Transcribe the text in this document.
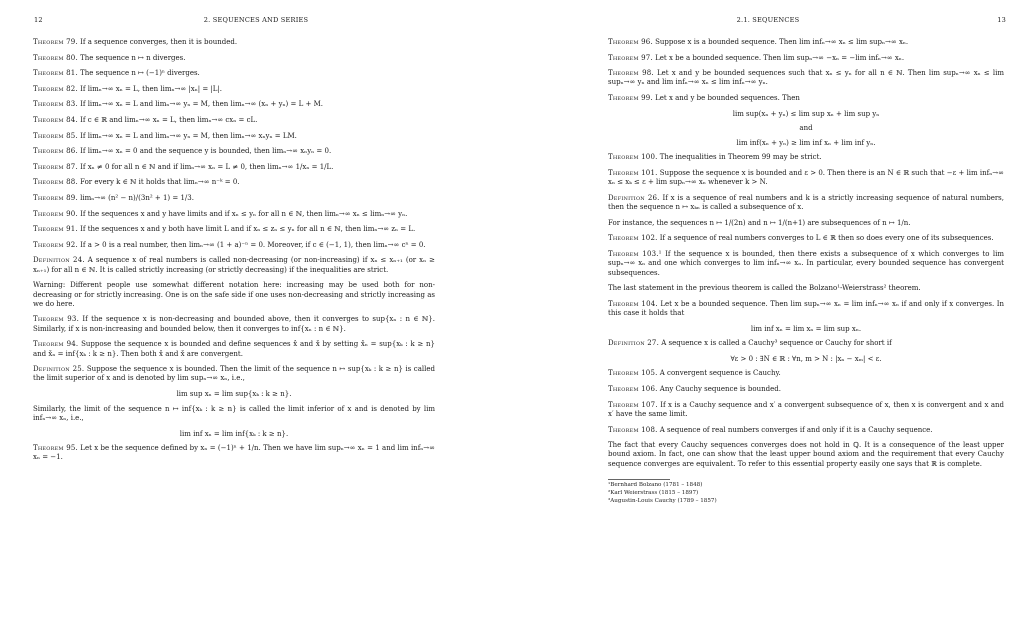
12	2. SEQUENCES AND SERIES

Theorem 79. If a sequence converges, then it is bounded.

Theorem 80. The sequence n ↦ n diverges.

Theorem 81. The sequence n ↦ (−1)ⁿ diverges.

Theorem 82. If limₙ→∞ xₙ = L, then limₙ→∞ |xₙ| = |L|.

Theorem 83. If limₙ→∞ xₙ = L and limₙ→∞ yₙ = M, then limₙ→∞ (xₙ + yₙ) = L + M.

Theorem 84. If c ∈ ℝ and limₙ→∞ xₙ = L, then limₙ→∞ cxₙ = cL.

Theorem 85. If limₙ→∞ xₙ = L and limₙ→∞ yₙ = M, then limₙ→∞ xₙyₙ = LM.

Theorem 86. If limₙ→∞ xₙ = 0 and the sequence y is bounded, then limₙ→∞ xₙyₙ = 0.

Theorem 87. If xₙ ≠ 0 for all n ∈ ℕ and if limₙ→∞ xₙ = L ≠ 0, then limₙ→∞ 1/xₙ = 1/L.

Theorem 88. For every k ∈ ℕ it holds that limₙ→∞ n⁻ᵏ = 0.

Theorem 89. limₙ→∞ (n² − n)/(3n² + 1) = 1/3.

Theorem 90. If the sequences x and y have limits and if xₙ ≤ yₙ for all n ∈ ℕ, then limₙ→∞ xₙ ≤ limₙ→∞ yₙ.

Theorem 91. If the sequences x and y both have limit L and if xₙ ≤ zₙ ≤ yₙ for all n ∈ ℕ, then limₙ→∞ zₙ = L.

Theorem 92. If a > 0 is a real number, then limₙ→∞ (1 + a)⁻ⁿ = 0. Moreover, if c ∈ (−1, 1), then limₙ→∞ cⁿ = 0.

Definition 24. A sequence x of real numbers is called non-decreasing (or non-increasing) if xₙ ≤ xₙ₊₁ (or xₙ ≥ xₙ₊₁) for all n ∈ ℕ. It is called strictly increasing (or strictly decreasing) if the inequalities are strict.

Warning: Different people use somewhat different notation here: increasing may be used both for non-decreasing or for strictly increasing. One is on the safe side if one uses non-decreasing and strictly increasing as we do here.

Theorem 93. If the sequence x is non-decreasing and bounded above, then it converges to sup{xₙ : n ∈ ℕ}. Similarly, if x is non-increasing and bounded below, then it converges to inf{xₙ : n ∈ ℕ}.

Theorem 94. Suppose the sequence x is bounded and define sequences x̂ and x̌ by setting x̂ₙ = sup{xₖ : k ≥ n} and x̌ₙ = inf{xₖ : k ≥ n}. Then both x̂ and x̌ are convergent.

Definition 25. Suppose the sequence x is bounded. Then the limit of the sequence n ↦ sup{xₖ : k ≥ n} is called the limit superior of x and is denoted by lim supₙ→∞ xₙ, i.e.,

lim sup xₙ = lim sup{xₖ : k ≥ n}.

Similarly, the limit of the sequence n ↦ inf{xₖ : k ≥ n} is called the limit inferior of x and is denoted by lim infₙ→∞ xₙ, i.e.,

lim inf xₙ = lim inf{xₖ : k ≥ n}.

Theorem 95. Let x be the sequence defined by xₙ = (−1)ⁿ + 1/n. Then we have lim supₙ→∞ xₙ = 1 and lim infₙ→∞ xₙ = −1.

13
2.1. SEQUENCES

Theorem 96. Suppose x is a bounded sequence. Then lim infₙ→∞ xₙ ≤ lim supₙ→∞ xₙ.

Theorem 97. Let x be a bounded sequence. Then lim supₙ→∞ −xₙ = −lim infₙ→∞ xₙ.

Theorem 98. Let x and y be bounded sequences such that xₙ ≤ yₙ for all n ∈ ℕ. Then lim supₙ→∞ xₙ ≤ lim supₙ→∞ yₙ and lim infₙ→∞ xₙ ≤ lim infₙ→∞ yₙ.

Theorem 99. Let x and y be bounded sequences. Then

lim sup(xₙ + yₙ) ≤ lim sup xₙ + lim sup yₙ

and

lim inf(xₙ + yₙ) ≥ lim inf xₙ + lim inf yₙ.

Theorem 100. The inequalities in Theorem 99 may be strict.

Theorem 101. Suppose the sequence x is bounded and ε > 0. Then there is an N ∈ ℝ such that −ε + lim infₙ→∞ xₙ ≤ xₖ ≤ ε + lim supₙ→∞ xₙ whenever k > N.

Definition 26. If x is a sequence of real numbers and k is a strictly increasing sequence of natural numbers, then the sequence n ↦ xₖₙ is called a subsequence of x.

For instance, the sequences n ↦ 1/(2n) and n ↦ 1/(n+1) are subsequences of n ↦ 1/n.

Theorem 102. If a sequence of real numbers converges to L ∈ ℝ then so does every one of its subsequences.

Theorem 103.¹ If the sequence x is bounded, then there exists a subsequence of x which converges to lim supₙ→∞ xₙ and one which converges to lim infₙ→∞ xₙ. In particular, every bounded sequence has convergent subsequences.

The last statement in the previous theorem is called the Bolzano¹-Weierstrass² theorem.

Theorem 104. Let x be a bounded sequence. Then lim supₙ→∞ xₙ = lim infₙ→∞ xₙ if and only if x converges. In this case it holds that

lim inf xₙ = lim xₙ = lim sup xₙ.

Definition 27. A sequence x is called a Cauchy³ sequence or Cauchy for short if

∀ε > 0 : ∃N ∈ ℝ : ∀n, m > N : |xₙ − xₘ| < ε.

Theorem 105. A convergent sequence is Cauchy.

Theorem 106. Any Cauchy sequence is bounded.

Theorem 107. If x is a Cauchy sequence and x′ a convergent subsequence of x, then x is convergent and x and x′ have the same limit.

Theorem 108. A sequence of real numbers converges if and only if it is a Cauchy sequence.

The fact that every Cauchy sequences converges does not hold in ℚ. It is a consequence of the least upper bound axiom. In fact, one can show that the least upper bound axiom and the requirement that every Cauchy sequence converges are equivalent. To refer to this essential property easily one says that ℝ is complete.

¹Bernhard Bolzano (1781 – 1848)

²Karl Weierstrass (1815 – 1897)

³Augustin-Louis Cauchy (1789 – 1857)
